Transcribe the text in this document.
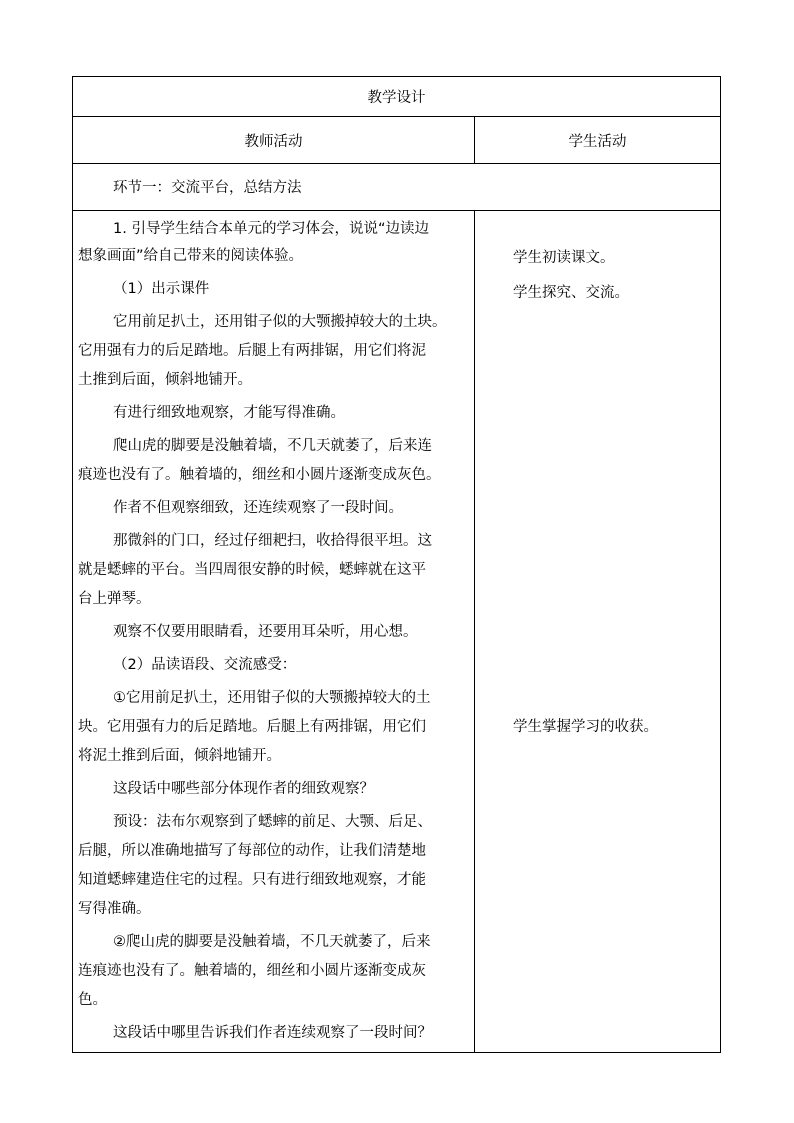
教学设计
教师活动	学生活动
环节一：交流平台，总结方法
1. 引导学生结合本单元的学习体会，说说“边读边
想象画面”给自己带来的阅读体验。
（1）出示课件
它用前足扒土，还用钳子似的大颚搬掉较大的土块。
它用强有力的后足踏地。后腿上有两排锯，用它们将泥
土推到后面，倾斜地铺开。
有进行细致地观察，才能写得准确。
爬山虎的脚要是没触着墙，不几天就萎了，后来连
痕迹也没有了。触着墙的，细丝和小圆片逐渐变成灰色。
作者不但观察细致，还连续观察了一段时间。
那微斜的门口，经过仔细耙扫，收拾得很平坦。这
就是蟋蟀的平台。当四周很安静的时候，蟋蟀就在这平
台上弹琴。
观察不仅要用眼睛看，还要用耳朵听，用心想。
（2）品读语段、交流感受：
①它用前足扒土，还用钳子似的大颚搬掉较大的土
块。它用强有力的后足踏地。后腿上有两排锯，用它们
将泥土推到后面，倾斜地铺开。
这段话中哪些部分体现作者的细致观察？
预设：法布尔观察到了蟋蟀的前足、大颚、后足、
后腿，所以准确地描写了每部位的动作，让我们清楚地
知道蟋蟀建造住宅的过程。只有进行细致地观察，才能
写得准确。
②爬山虎的脚要是没触着墙，不几天就萎了，后来
连痕迹也没有了。触着墙的，细丝和小圆片逐渐变成灰
色。
这段话中哪里告诉我们作者连续观察了一段时间？
学生初读课文。
学生探究、交流。
学生掌握学习的收获。
